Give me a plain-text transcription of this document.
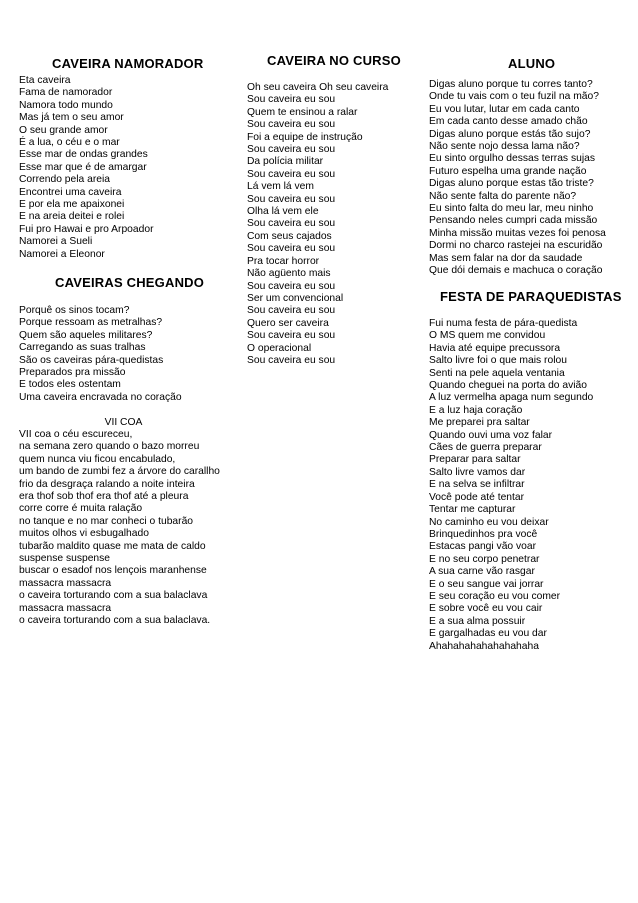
CAVEIRA NAMORADOR
Eta caveira
Fama de namorador
Namora todo mundo
Mas já tem o seu amor
O seu grande amor
É a lua, o céu e o mar
Esse mar de ondas grandes
Esse mar que é de amargar
Correndo pela areia
Encontrei uma caveira
E por ela me apaixonei
E na areia deitei e rolei
Fui pro Hawai e pro Arpoador
Namorei a Sueli
Namorei a Eleonor
CAVEIRAS CHEGANDO
Porquê os sinos tocam?
Porque ressoam as metralhas?
Quem são aqueles militares?
Carregando as suas tralhas
São os caveiras pára-quedistas
Preparados pra missão
E todos eles ostentam
Uma caveira encravada no coração
VII COA
VII coa o céu escureceu,
na semana zero quando o bazo morreu
quem nunca viu ficou encabulado,
um bando de zumbi fez a árvore do carallho
frio da desgraça ralando a noite inteira
era thof sob thof era thof até a pleura
corre corre é muita ralação
no tanque e no mar conheci o tubarão
muitos olhos vi esbugalhado
tubarão maldito quase me mata de caldo
suspense suspense
buscar o esadof nos lençois maranhense
massacra massacra
o caveira torturando com a sua balaclava
massacra massacra
o caveira torturando com a sua balaclava.
CAVEIRA NO CURSO
Oh seu caveira Oh seu caveira
Sou caveira eu sou
Quem te ensinou a ralar
Sou caveira eu sou
Foi a equipe de instrução
Sou caveira eu sou
Da polícia militar
Sou caveira eu sou
Lá vem lá vem
Sou caveira eu sou
Olha lá vem ele
Sou caveira eu sou
Com seus cajados
Sou caveira eu sou
Pra tocar horror
Não agüento mais
Sou caveira eu sou
Ser um convencional
Sou caveira eu sou
Quero ser caveira
Sou caveira eu sou
O operacional
Sou caveira eu sou
ALUNO
Digas aluno porque tu corres tanto?
Onde tu vais com o teu fuzil na mão?
Eu vou lutar, lutar em cada canto
Em cada canto desse amado chão
Digas aluno porque estás tão sujo?
Não sente nojo dessa lama não?
Eu sinto orgulho dessas terras sujas
Futuro espelha uma grande nação
Digas aluno porque estas tão triste?
Não sente falta do parente não?
Eu sinto falta do meu lar, meu ninho
Pensando neles cumpri cada missão
Minha missão muitas vezes foi penosa
Dormi no charco rastejei na escuridão
Mas sem falar na dor da saudade
Que dói demais e machuca o coração
FESTA DE PARAQUEDISTAS
Fui numa festa de pára-quedista
O MS quem me convidou
Havia até equipe precussora
Salto livre foi o que mais rolou
Senti na pele aquela ventania
Quando cheguei na porta do avião
A luz vermelha apaga num segundo
E a luz haja coração
Me preparei pra saltar
Quando ouvi uma voz falar
Cães de guerra preparar
Preparar para saltar
Salto livre vamos dar
E na selva se infiltrar
Você pode até tentar
Tentar me capturar
No caminho eu vou deixar
Brinquedinhos pra você
Estacas pangi vão voar
E no seu corpo penetrar
A sua carne vão rasgar
E o seu sangue vai jorrar
E seu coração eu vou comer
E sobre você eu vou cair
E a sua alma possuir
E gargalhadas eu vou dar
Ahahahahahahahahaha
